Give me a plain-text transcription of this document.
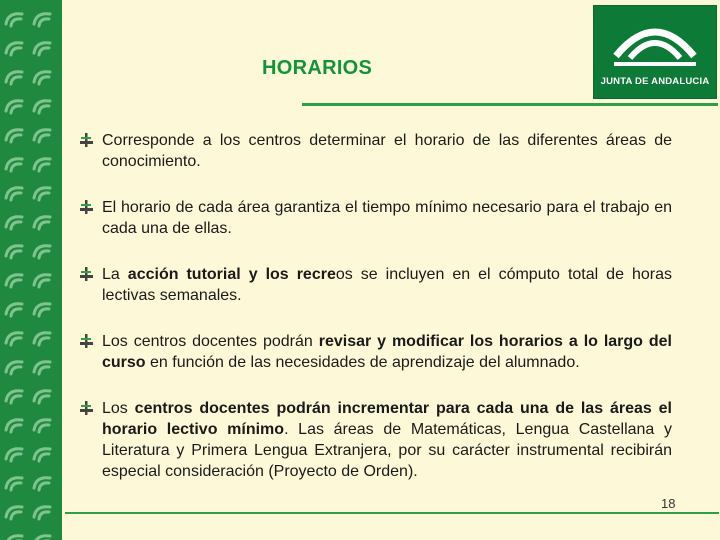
JUNTA DE ANDALUCIA
HORARIOS
Corresponde a los centros determinar el horario de las diferentes áreas de conocimiento.
El horario de cada área garantiza el tiempo mínimo necesario para el trabajo en cada una de ellas.
La acción tutorial y los recreos se incluyen en el cómputo total de horas lectivas semanales.
Los centros docentes podrán revisar y modificar los horarios a lo largo del curso en función de las necesidades de aprendizaje del alumnado.
Los centros docentes podrán incrementar para cada una de las áreas el horario lectivo mínimo. Las áreas de Matemáticas, Lengua Castellana y Literatura y Primera Lengua Extranjera, por su carácter instrumental recibirán especial consideración (Proyecto de Orden).
18
